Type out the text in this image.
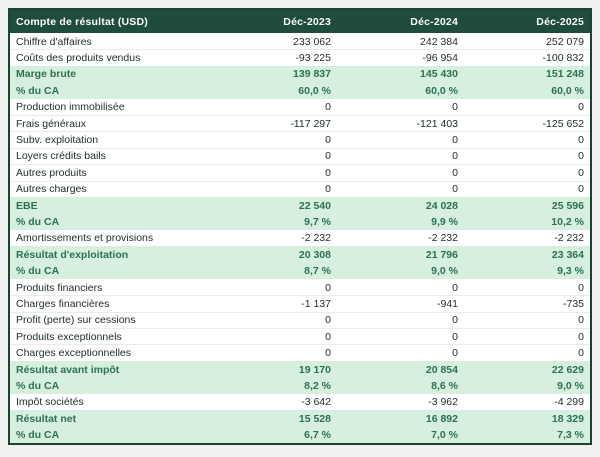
Compte de résultat (USD)	Déc-2023	Déc-2024	Déc-2025
Chiffre d'affaires	233 062	242 384	252 079
Coûts des produits vendus	-93 225	-96 954	-100 832
Marge brute	139 837	145 430	151 248
% du CA	60,0 %	60,0 %	60,0 %
Production immobilisée	0	0	0
Frais généraux	-117 297	-121 403	-125 652
Subv. exploitation	0	0	0
Loyers crédits bails	0	0	0
Autres produits	0	0	0
Autres charges	0	0	0
EBE	22 540	24 028	25 596
% du CA	9,7 %	9,9 %	10,2 %
Amortissements et provisions	-2 232	-2 232	-2 232
Résultat d'exploitation	20 308	21 796	23 364
% du CA	8,7 %	9,0 %	9,3 %
Produits financiers	0	0	0
Charges financières	-1 137	-941	-735
Profit (perte) sur cessions	0	0	0
Produits exceptionnels	0	0	0
Charges exceptionnelles	0	0	0
Résultat avant impôt	19 170	20 854	22 629
% du CA	8,2 %	8,6 %	9,0 %
Impôt sociétés	-3 642	-3 962	-4 299
Résultat net	15 528	16 892	18 329
% du CA	6,7 %	7,0 %	7,3 %
